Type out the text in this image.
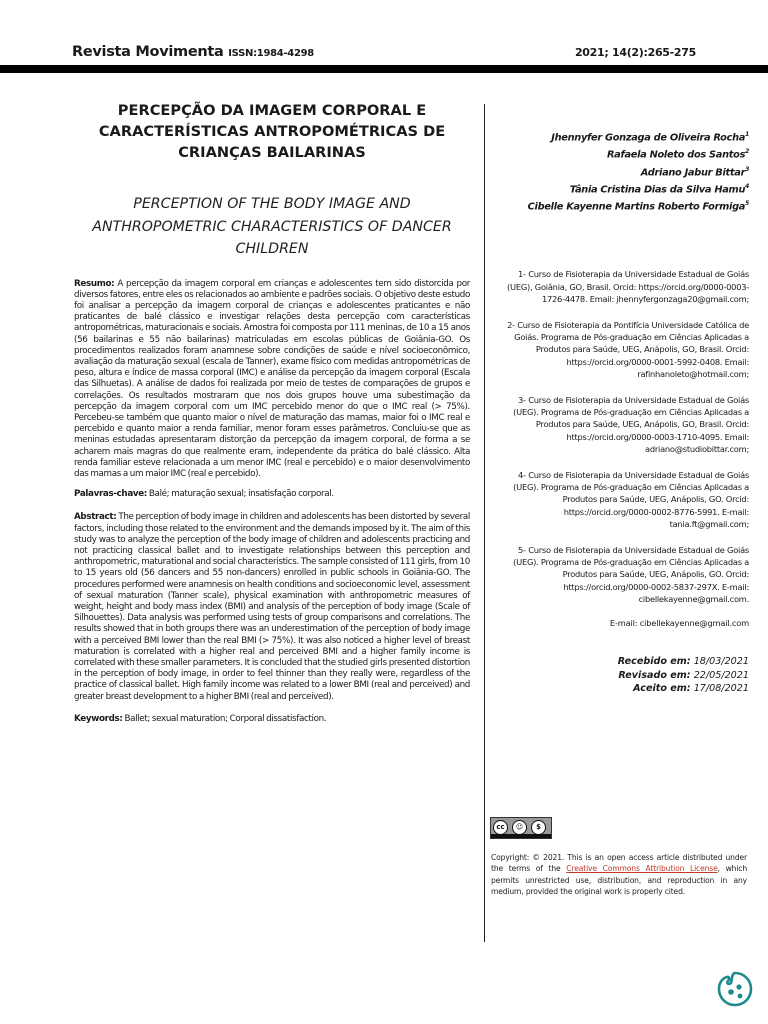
Revista Movimenta ISSN:1984-4298	2021; 14(2):265-275
PERCEPÇÃO DA IMAGEM CORPORAL E CARACTERÍSTICAS ANTROPOMÉTRICAS DE CRIANÇAS BAILARINAS
PERCEPTION OF THE BODY IMAGE AND ANTHROPOMETRIC CHARACTERISTICS OF DANCER CHILDREN
Resumo: A percepção da imagem corporal em crianças e adolescentes tem sido distorcida por diversos fatores, entre eles os relacionados ao ambiente e padrões sociais. O objetivo deste estudo foi analisar a percepção da imagem corporal de crianças e adolescentes praticantes e não praticantes de balé clássico e investigar relações desta percepção com características antropométricas, maturacionais e sociais. Amostra foi composta por 111 meninas, de 10 a 15 anos (56 bailarinas e 55 não bailarinas) matriculadas em escolas públicas de Goiânia-GO. Os procedimentos realizados foram anamnese sobre condições de saúde e nível socioeconômico, avaliação da maturação sexual (escala de Tanner), exame físico com medidas antropométricas de peso, altura e índice de massa corporal (IMC) e análise da percepção da imagem corporal (Escala das Silhuetas). A análise de dados foi realizada por meio de testes de comparações de grupos e correlações. Os resultados mostraram que nos dois grupos houve uma subestimação da percepção da imagem corporal com um IMC percebido menor do que o IMC real (> 75%). Percebeu-se também que quanto maior o nível de maturação das mamas, maior foi o IMC real e percebido e quanto maior a renda familiar, menor foram esses parâmetros. Concluiu-se que as meninas estudadas apresentaram distorção da percepção da imagem corporal, de forma a se acharem mais magras do que realmente eram, independente da prática do balé clássico. Alta renda familiar esteve relacionada a um menor IMC (real e percebido) e o maior desenvolvimento das mamas a um maior IMC (real e percebido).
Palavras-chave: Balé; maturação sexual; insatisfação corporal.
Abstract: The perception of body image in children and adolescents has been distorted by several factors, including those related to the environment and the demands imposed by it. The aim of this study was to analyze the perception of the body image of children and adolescents practicing and not practicing classical ballet and to investigate relationships between this perception and anthropometric, maturational and social characteristics. The sample consisted of 111 girls, from 10 to 15 years old (56 dancers and 55 non-dancers) enrolled in public schools in Goiânia-GO. The procedures performed were anamnesis on health conditions and socioeconomic level, assessment of sexual maturation (Tanner scale), physical examination with anthropometric measures of weight, height and body mass index (BMI) and analysis of the perception of body image (Scale of Silhouettes). Data analysis was performed using tests of group comparisons and correlations. The results showed that in both groups there was an underestimation of the perception of body image with a perceived BMI lower than the real BMI (> 75%). It was also noticed a higher level of breast maturation is correlated with a higher real and perceived BMI and a higher family income is correlated with these smaller parameters. It is concluded that the studied girls presented distortion in the perception of body image, in order to feel thinner than they really were, regardless of the practice of classical ballet. High family income was related to a lower BMI (real and perceived) and greater breast development to a higher BMI (real and perceived).
Keywords: Ballet; sexual maturation; Corporal dissatisfaction.
Jhennyfer Gonzaga de Oliveira Rocha$^1$
Rafaela Noleto dos Santos$^2$
Adriano Jabur Bittar$^3$
Tânia Cristina Dias da Silva Hamu$^4$
Cibelle Kayenne Martins Roberto Formiga$^5$
1- Curso de Fisioterapia da Universidade Estadual de Goiás (UEG), Goiânia, GO, Brasil. Orcid: https://orcid.org/0000-0003-1726-4478. Email: jhennyfergonzaga20@gmail.com;
2- Curso de Fisioterapia da Pontifícia Universidade Católica de Goiás. Programa de Pós-graduação em Ciências Aplicadas a Produtos para Saúde, UEG, Anápolis, GO, Brasil. Orcid: https://orcid.org/0000-0001-5992-0408. Email: rafinhanoleto@hotmail.com;
3- Curso de Fisioterapia da Universidade Estadual de Goiás (UEG). Programa de Pós-graduação em Ciências Aplicadas a Produtos para Saúde, UEG, Anápolis, GO, Brasil. Orcid: https://orcid.org/0000-0003-1710-4095. Email: adriano@studiobittar.com;
4- Curso de Fisioterapia da Universidade Estadual de Goiás (UEG). Programa de Pós-graduação em Ciências Aplicadas a Produtos para Saúde, UEG, Anápolis, GO. Orcid: https://orcid.org/0000-0002-8776-5991. E-mail: tania.ft@gmail.com;
5- Curso de Fisioterapia da Universidade Estadual de Goiás (UEG). Programa de Pós-graduação em Ciências Aplicadas a Produtos para Saúde, UEG, Anápolis, GO. Orcid: https://orcid.org/0000-0002-5837-297X. E-mail: cibellekayenne@gmail.com.
E-mail: cibellekayenne@gmail.com
Recebido em: 18/03/2021
Revisado em: 22/05/2021
Aceito em: 17/08/2021
cc	☺	$
Copyright: © 2021. This is an open access article distributed under the terms of the Creative Commons Attribution License, which permits unrestricted use, distribution, and reproduction in any medium, provided the original work is properly cited.
